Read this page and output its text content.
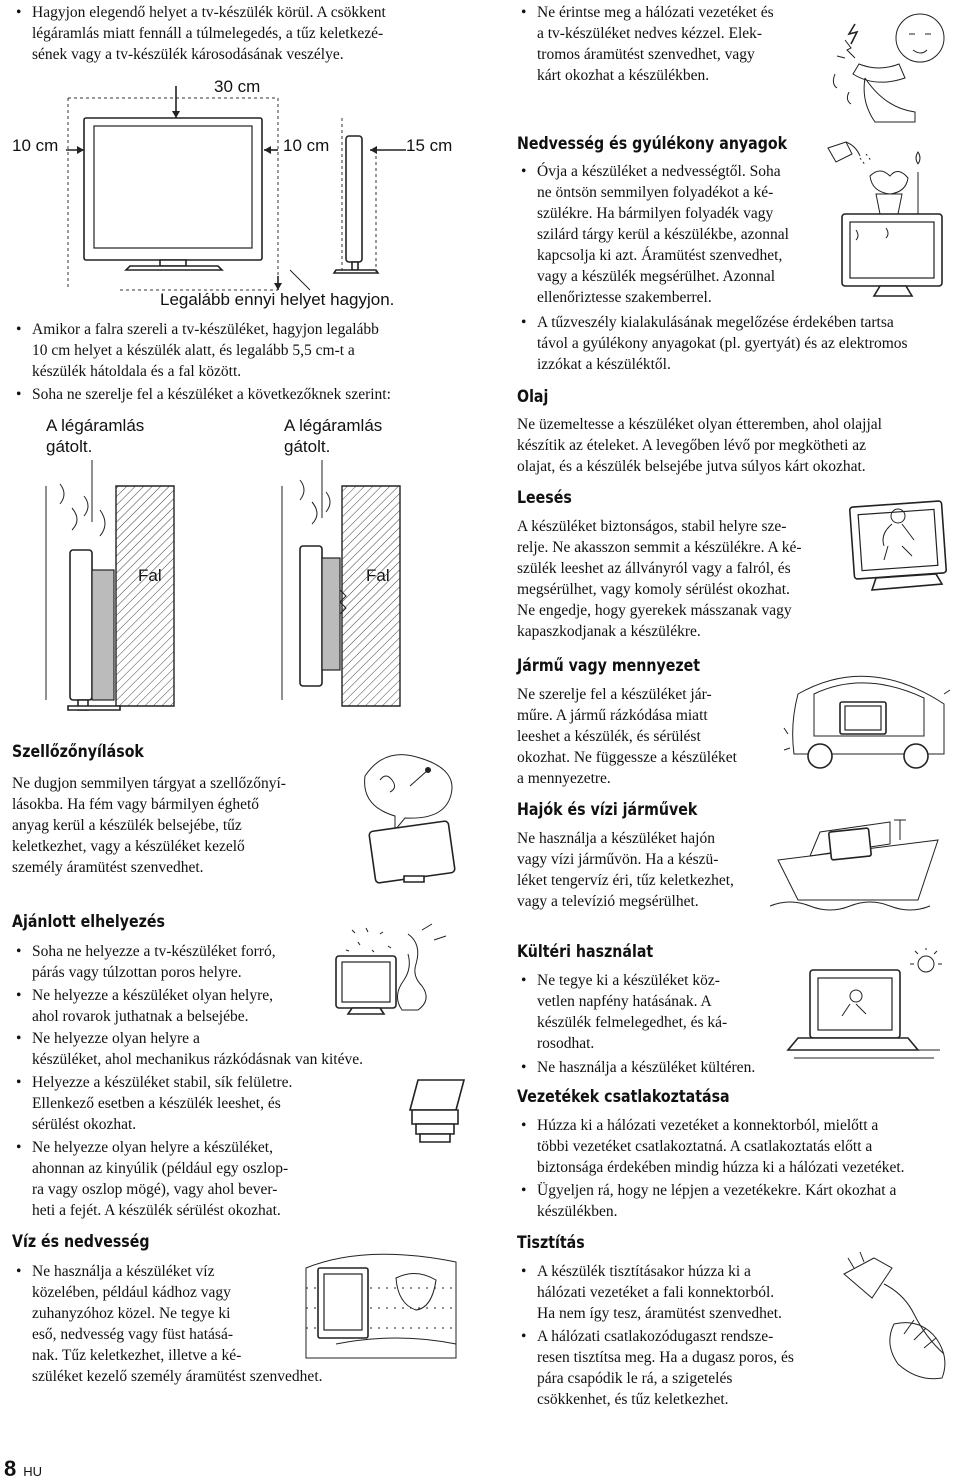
• Hagyjon elegendő helyet a tv-készülék körül. A csökkent
légáramlás miatt fennáll a túlmelegedés, a tűz keletkezé-
sének vagy a tv-készülék károsodásának veszélye.
30 cm
10 cm	10 cm	15 cm
Legalább ennyi helyet hagyjon.
• Amikor a falra szereli a tv-készüléket, hagyjon legalább
10 cm helyet a készülék alatt, és legalább 5,5 cm-t a
készülék hátoldala és a fal között.
• Soha ne szerelje fel a készüléket a következőknek szerint:
A légáramlás
gátolt.
A légáramlás
gátolt.
Szellőzőnyílások
Ne dugjon semmilyen tárgyat a szellőzőnyí-
lásokba. Ha fém vagy bármilyen éghető
anyag kerül a készülék belsejébe, tűz
keletkezhet, vagy a készüléket kezelő
személy áramütést szenvedhet.
Ajánlott elhelyezés
• Soha ne helyezze a tv-készüléket forró,
párás vagy túlzottan poros helyre.
• Ne helyezze a készüléket olyan helyre,
ahol rovarok juthatnak a belsejébe.
• Ne helyezze olyan helyre a
készüléket, ahol mechanikus rázkódásnak van kitéve.
• Helyezze a készüléket stabil, sík felületre.
Ellenkező esetben a készülék leeshet, és
sérülést okozhat.
• Ne helyezze olyan helyre a készüléket,
ahonnan az kinyúlik (például egy oszlop-
ra vagy oszlop mögé), vagy ahol bever-
heti a fejét. A készülék sérülést okozhat.
Víz és nedvesség
• Ne használja a készüléket víz
közelében, például kádhoz vagy
zuhanyzóhoz közel. Ne tegye ki
eső, nedvesség vagy füst hatásá-
nak. Tűz keletkezhet, illetve a ké-
szüléket kezelő személy áramütést szenvedhet.
8 HU
• Ne érintse meg a hálózati vezetéket és
a tv-készüléket nedves kézzel. Elek-
tromos áramütést szenvedhet, vagy
kárt okozhat a készülékben.
Nedvesség és gyúlékony anyagok
• Óvja a készüléket a nedvességtől. Soha
ne öntsön semmilyen folyadékot a ké-
szülékre. Ha bármilyen folyadék vagy
szilárd tárgy kerül a készülékbe, azonnal
kapcsolja ki azt. Áramütést szenvedhet,
vagy a készülék megsérülhet. Azonnal
ellenőriztesse szakemberrel.
• A tűzveszély kialakulásának megelőzése érdekében tartsa
távol a gyúlékony anyagokat (pl. gyertyát) és az elektromos
izzókat a készüléktől.
Olaj
Ne üzemeltesse a készüléket olyan étteremben, ahol olajjal
készítik az ételeket. A levegőben lévő por megkötheti az
olajat, és a készülék belsejébe jutva súlyos kárt okozhat.
Leesés
A készüléket biztonságos, stabil helyre sze-
relje. Ne akasszon semmit a készülékre. A ké-
szülék leeshet az állványról vagy a falról, és
megsérülhet, vagy komoly sérülést okozhat.
Ne engedje, hogy gyerekek másszanak vagy
kapaszkodjanak a készülékre.
Jármű vagy mennyezet
Ne szerelje fel a készüléket jár-
műre. A jármű rázkódása miatt
leeshet a készülék, és sérülést
okozhat. Ne függessze a készüléket
a mennyezetre.
Hajók és vízi járművek
Ne használja a készüléket hajón
vagy vízi járművön. Ha a készü-
léket tengervíz éri, tűz keletkezhet,
vagy a televízió megsérülhet.
Kültéri használat
• Ne tegye ki a készüléket köz-
vetlen napfény hatásának. A
készülék felmelegedhet, és ká-
rosodhat.
• Ne használja a készüléket kültéren.
Vezetékek csatlakoztatása
• Húzza ki a hálózati vezetéket a konnektorból, mielőtt a
többi vezetéket csatlakoztatná. A csatlakoztatás előtt a
biztonsága érdekében mindig húzza ki a hálózati vezetéket.
• Ügyeljen rá, hogy ne lépjen a vezetékekre. Kárt okozhat a
készülékben.
Tisztítás
• A készülék tisztításakor húzza ki a
hálózati vezetéket a fali konnektorból.
Ha nem így tesz, áramütést szenvedhet.
• A hálózati csatlakozódugaszt rendsze-
resen tisztítsa meg. Ha a dugasz poros, és
pára csapódik le rá, a szigetelés
csökkenhet, és tűz keletkezhet.
